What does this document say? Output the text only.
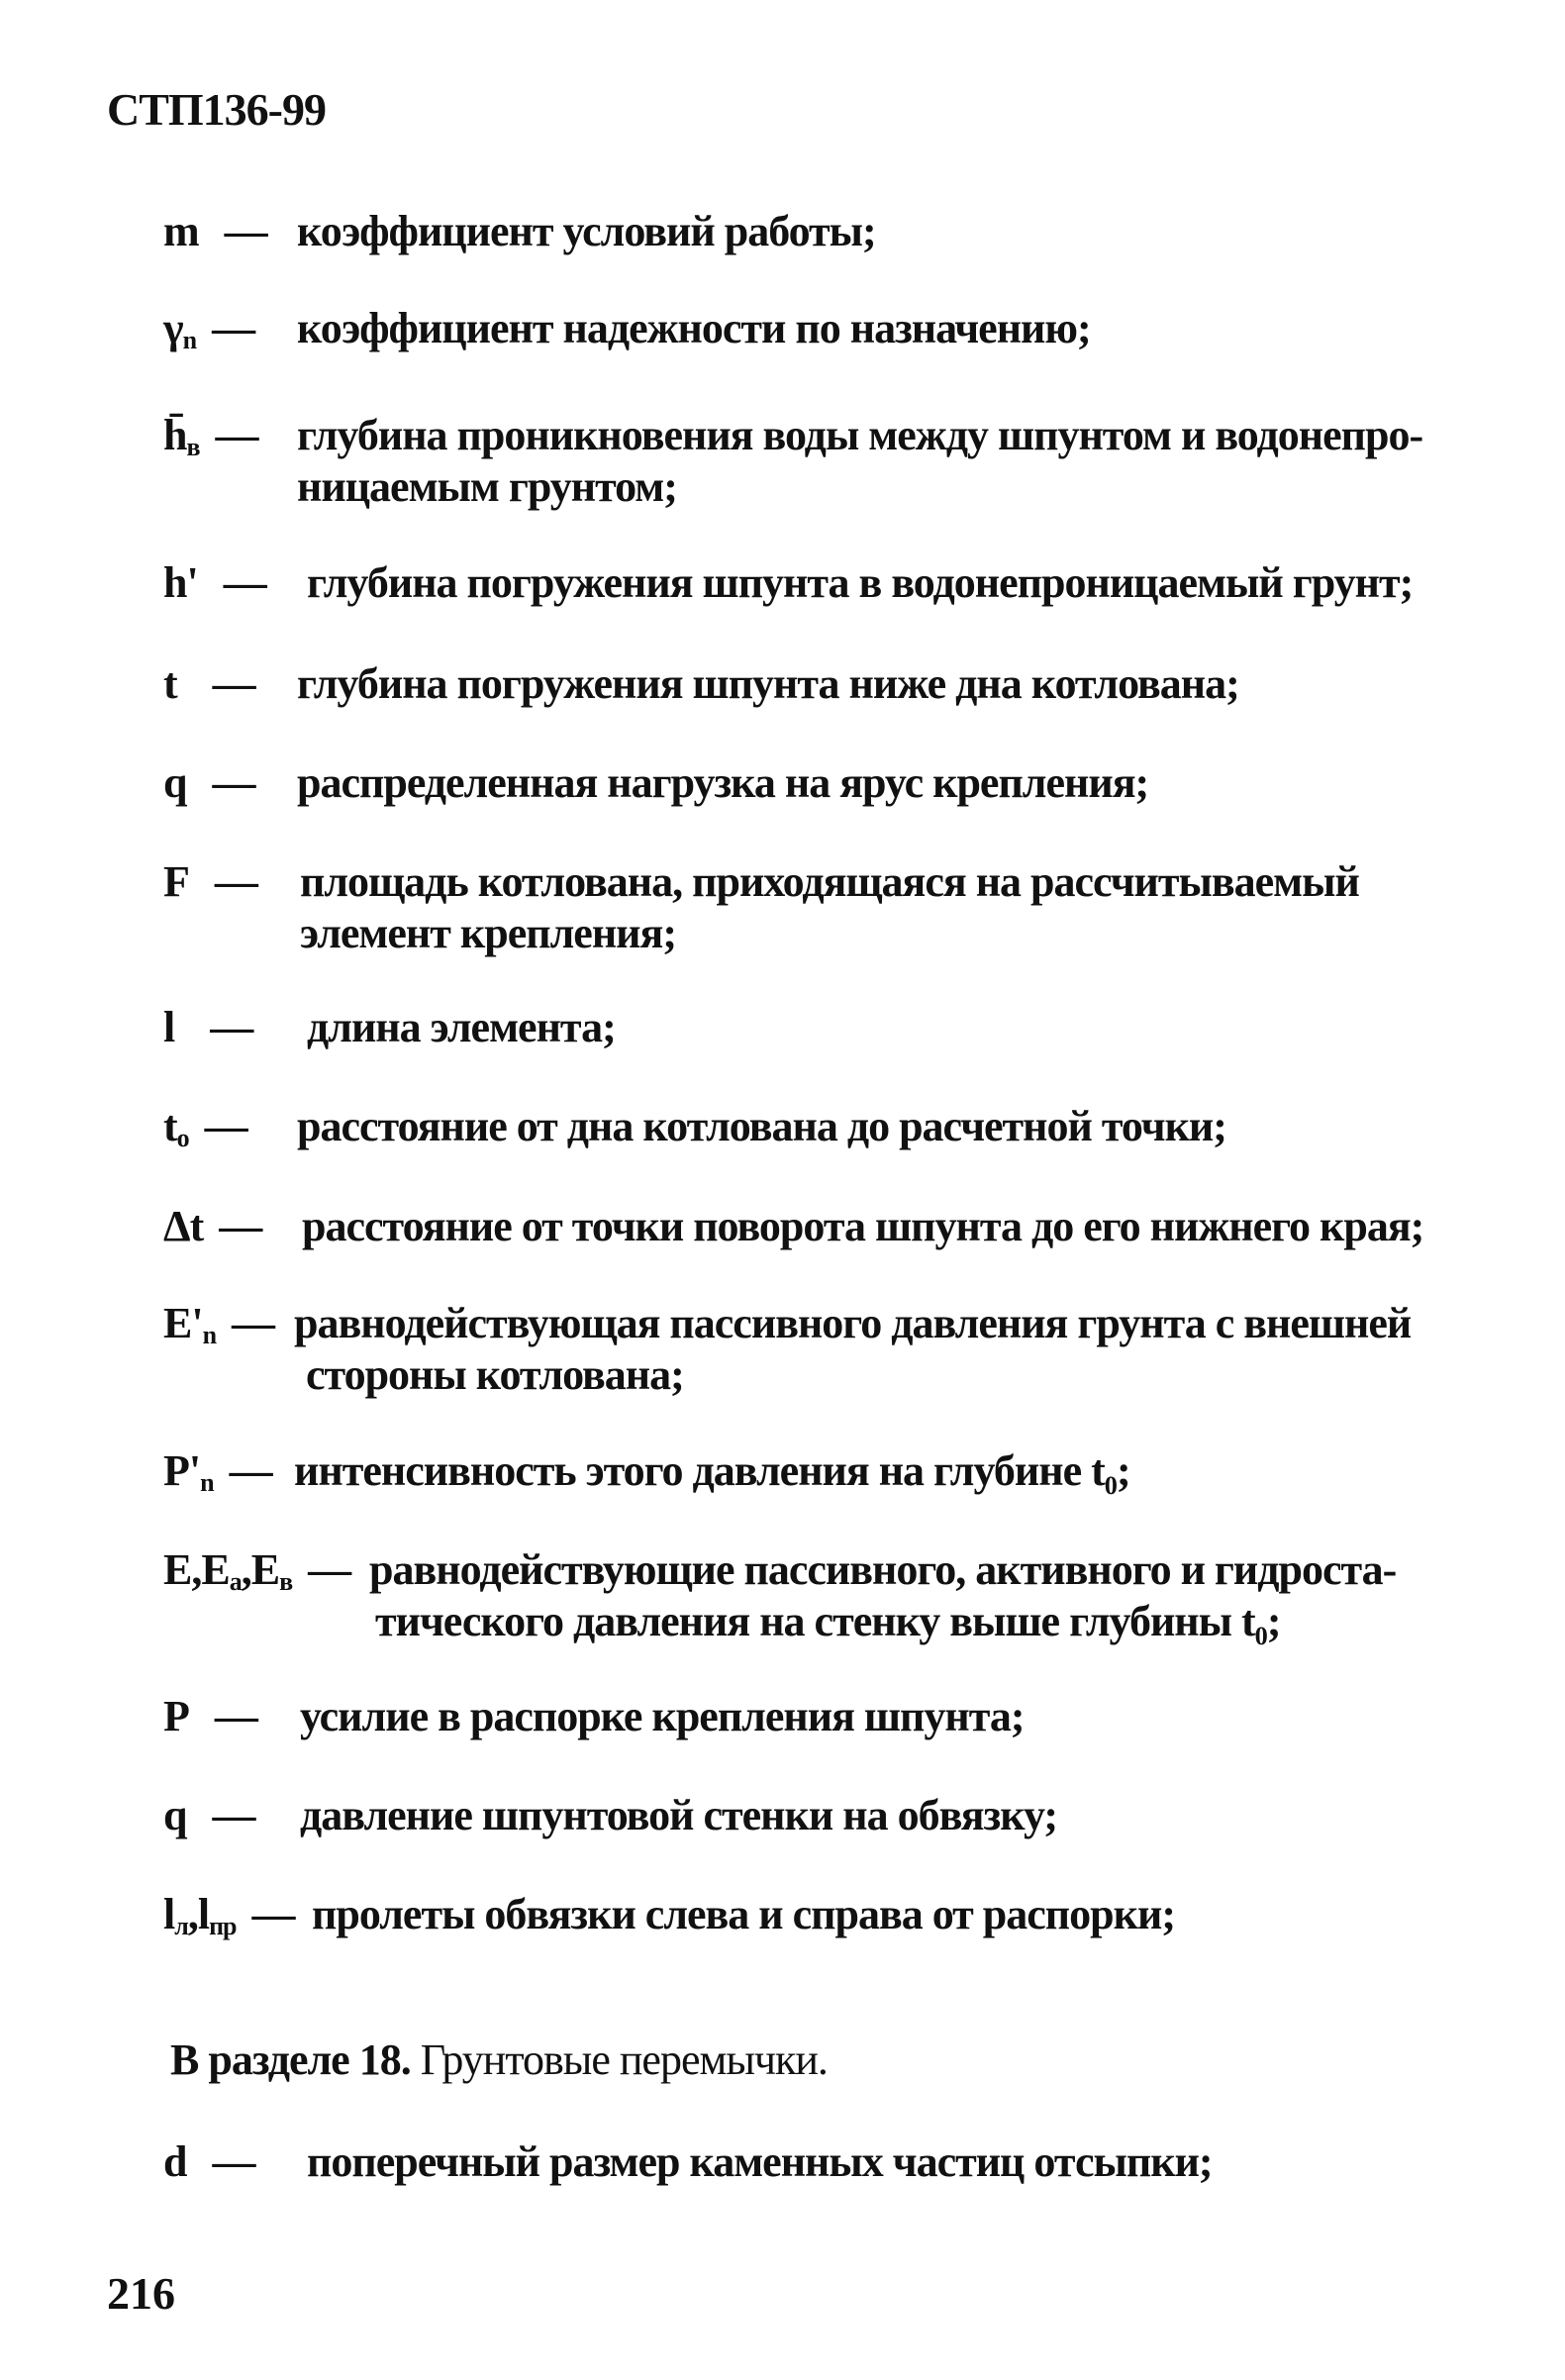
СТП136-99
m — коэффициент условий работы;
$\gamma_n$ — коэффициент надежности по назначению;
$h̄_в$ — глубина проникновения воды между шпунтом и водонепро-
ницаемым грунтом;
h' — глубина погружения шпунта в водонепроницаемый грунт;
t — глубина погружения шпунта ниже дна котлована;
q — распределенная нагрузка на ярус крепления;
F — площадь котлована, приходящаяся на рассчитываемый
элемент крепления;
l — длина элемента;
$t_o$ — расстояние от дна котлована до расчетной точки;
Δt — расстояние от точки поворота шпунта до его нижнего края;
$E'_n$ — равнодействующая пассивного давления грунта с внешней
стороны котлована;
$P'_n$ — интенсивность этого давления на глубине t₀;
$E,E_a,E_в$ — равнодействующие пассивного, активного и гидроста-
тического давления на стенку выше глубины t₀;
P — усилие в распорке крепления шпунта;
q — давление шпунтовой стенки на обвязку;
$l_л,l_{пр}$ — пролеты обвязки слева и справа от распорки;
В разделе 18. Грунтовые перемычки.
d — поперечный размер каменных частиц отсыпки;
216
